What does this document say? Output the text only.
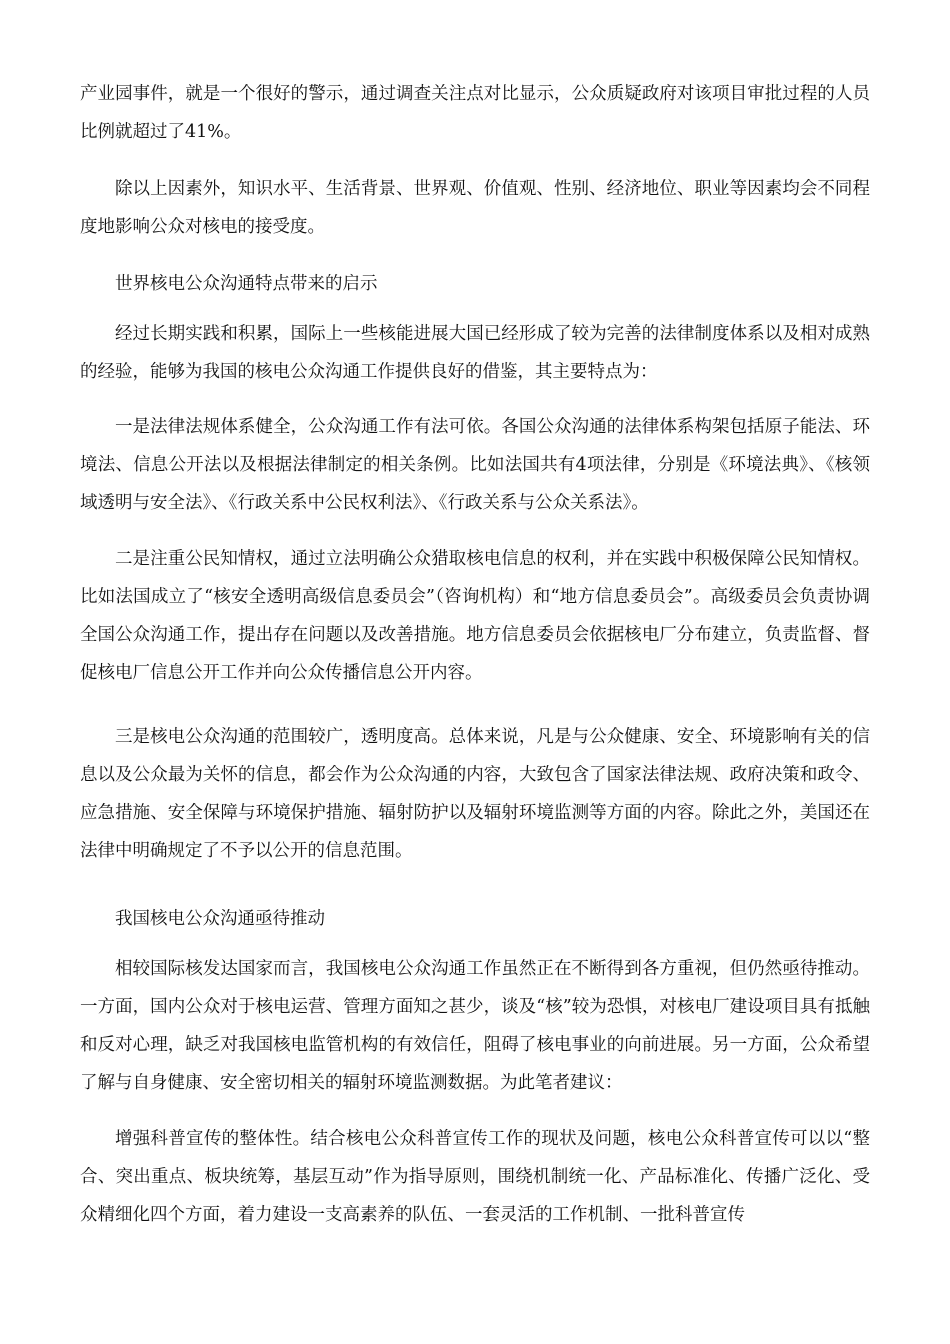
产业园事件，就是一个很好的警示，通过调查关注点对比显示，公众质疑政府对该项目审批过程的人员比例就超过了41%。

除以上因素外，知识水平、生活背景、世界观、价值观、性别、经济地位、职业等因素均会不同程度地影响公众对核电的接受度。

世界核电公众沟通特点带来的启示

经过长期实践和积累，国际上一些核能进展大国已经形成了较为完善的法律制度体系以及相对成熟的经验，能够为我国的核电公众沟通工作提供良好的借鉴，其主要特点为：

一是法律法规体系健全，公众沟通工作有法可依。各国公众沟通的法律体系构架包括原子能法、环境法、信息公开法以及根据法律制定的相关条例。比如法国共有4项法律，分别是《环境法典》、《核领域透明与安全法》、《行政关系中公民权利法》、《行政关系与公众关系法》。

二是注重公民知情权，通过立法明确公众猎取核电信息的权利，并在实践中积极保障公民知情权。比如法国成立了“核安全透明高级信息委员会”（咨询机构）和“地方信息委员会”。高级委员会负责协调全国公众沟通工作，提出存在问题以及改善措施。地方信息委员会依据核电厂分布建立，负责监督、督促核电厂信息公开工作并向公众传播信息公开内容。

三是核电公众沟通的范围较广，透明度高。总体来说，凡是与公众健康、安全、环境影响有关的信息以及公众最为关怀的信息，都会作为公众沟通的内容，大致包含了国家法律法规、政府决策和政令、应急措施、安全保障与环境保护措施、辐射防护以及辐射环境监测等方面的内容。除此之外，美国还在法律中明确规定了不予以公开的信息范围。

我国核电公众沟通亟待推动

相较国际核发达国家而言，我国核电公众沟通工作虽然正在不断得到各方重视，但仍然亟待推动。一方面，国内公众对于核电运营、管理方面知之甚少，谈及“核”较为恐惧，对核电厂建设项目具有抵触和反对心理，缺乏对我国核电监管机构的有效信任，阻碍了核电事业的向前进展。另一方面，公众希望了解与自身健康、安全密切相关的辐射环境监测数据。为此笔者建议：

增强科普宣传的整体性。结合核电公众科普宣传工作的现状及问题，核电公众科普宣传可以以“整合、突出重点、板块统筹，基层互动”作为指导原则，围绕机制统一化、产品标准化、传播广泛化、受众精细化四个方面，着力建设一支高素养的队伍、一套灵活的工作机制、一批科普宣传
